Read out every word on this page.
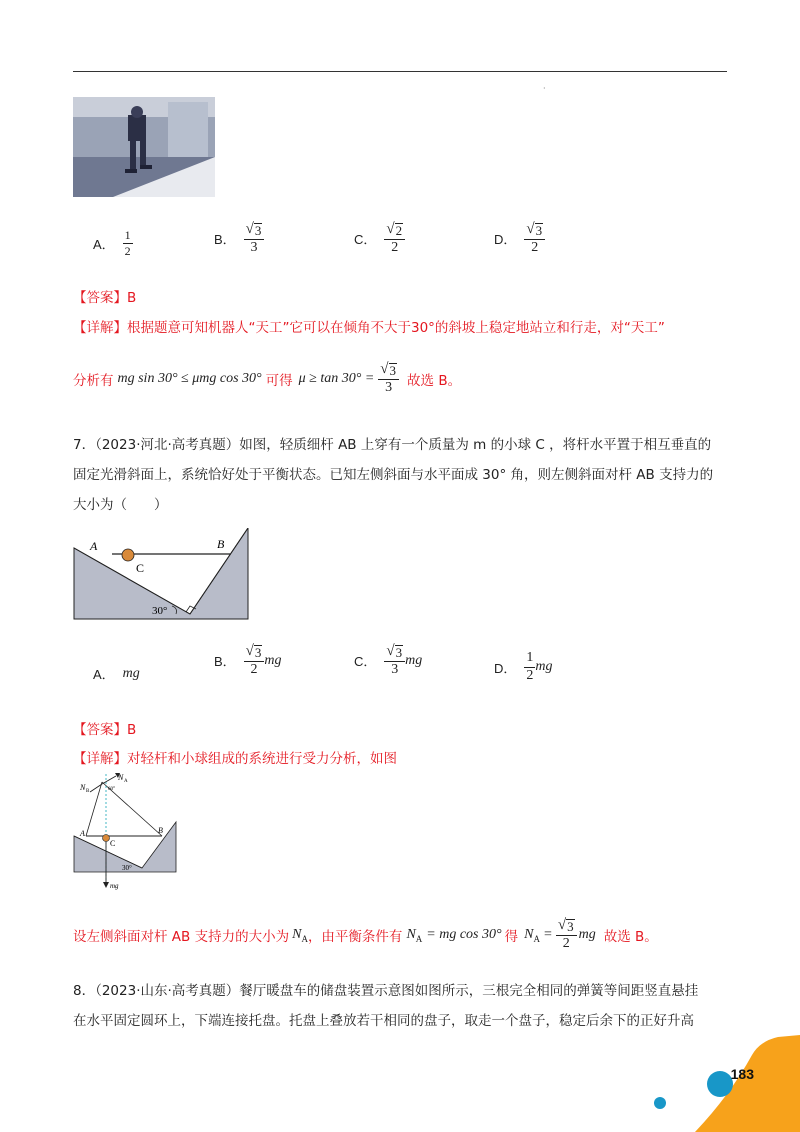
·
A． $\frac{1}{2}$	B． $\frac{√ 3}{3}$	C． $\frac{√ 2}{2}$	D． $\frac{√ 3}{2}$
【答案】B
【详解】根据题意可知机器人“天工”它可以在倾角不大于30°的斜坡上稳定地站立和行走，对“天工”
分析有 mg sin 30° ≤ μmg cos 30° 可得 $\mu \ge \tan 30^\circ = \frac{√ 3}{3}$ 故选 B。
7．（2023·河北·高考真题）如图，轻质细杆 AB 上穿有一个质量为 m 的小球 C ，将杆水平置于相互垂直的
固定光滑斜面上，系统恰好处于平衡状态。已知左侧斜面与水平面成 30° 角，则左侧斜面对杆 AB 支持力的
大小为（　　）
A	B
C
30°
A． mg
B． $\frac{√ 3}{2}$ mg	C． $\frac{√ 3}{3}$ mg
D． $\frac{1}{2}$ mg
【答案】B
【详解】对轻杆和小球组成的系统进行受力分析，如图
N A
N B	60°
A	B
C
30°
mg
设左侧斜面对杆 AB 支持力的大小为 N A ，由平衡条件有 N A = mg cos 30° 得 N $A = \frac{√ 3}{2}$ mg 故选 B。
8．（2023·山东·高考真题）餐厅暖盘车的储盘装置示意图如图所示，三根完全相同的弹簧等间距竖直悬挂
在水平固定圆环上，下端连接托盘。托盘上叠放若干相同的盘子，取走一个盘子，稳定后余下的正好升高
183
